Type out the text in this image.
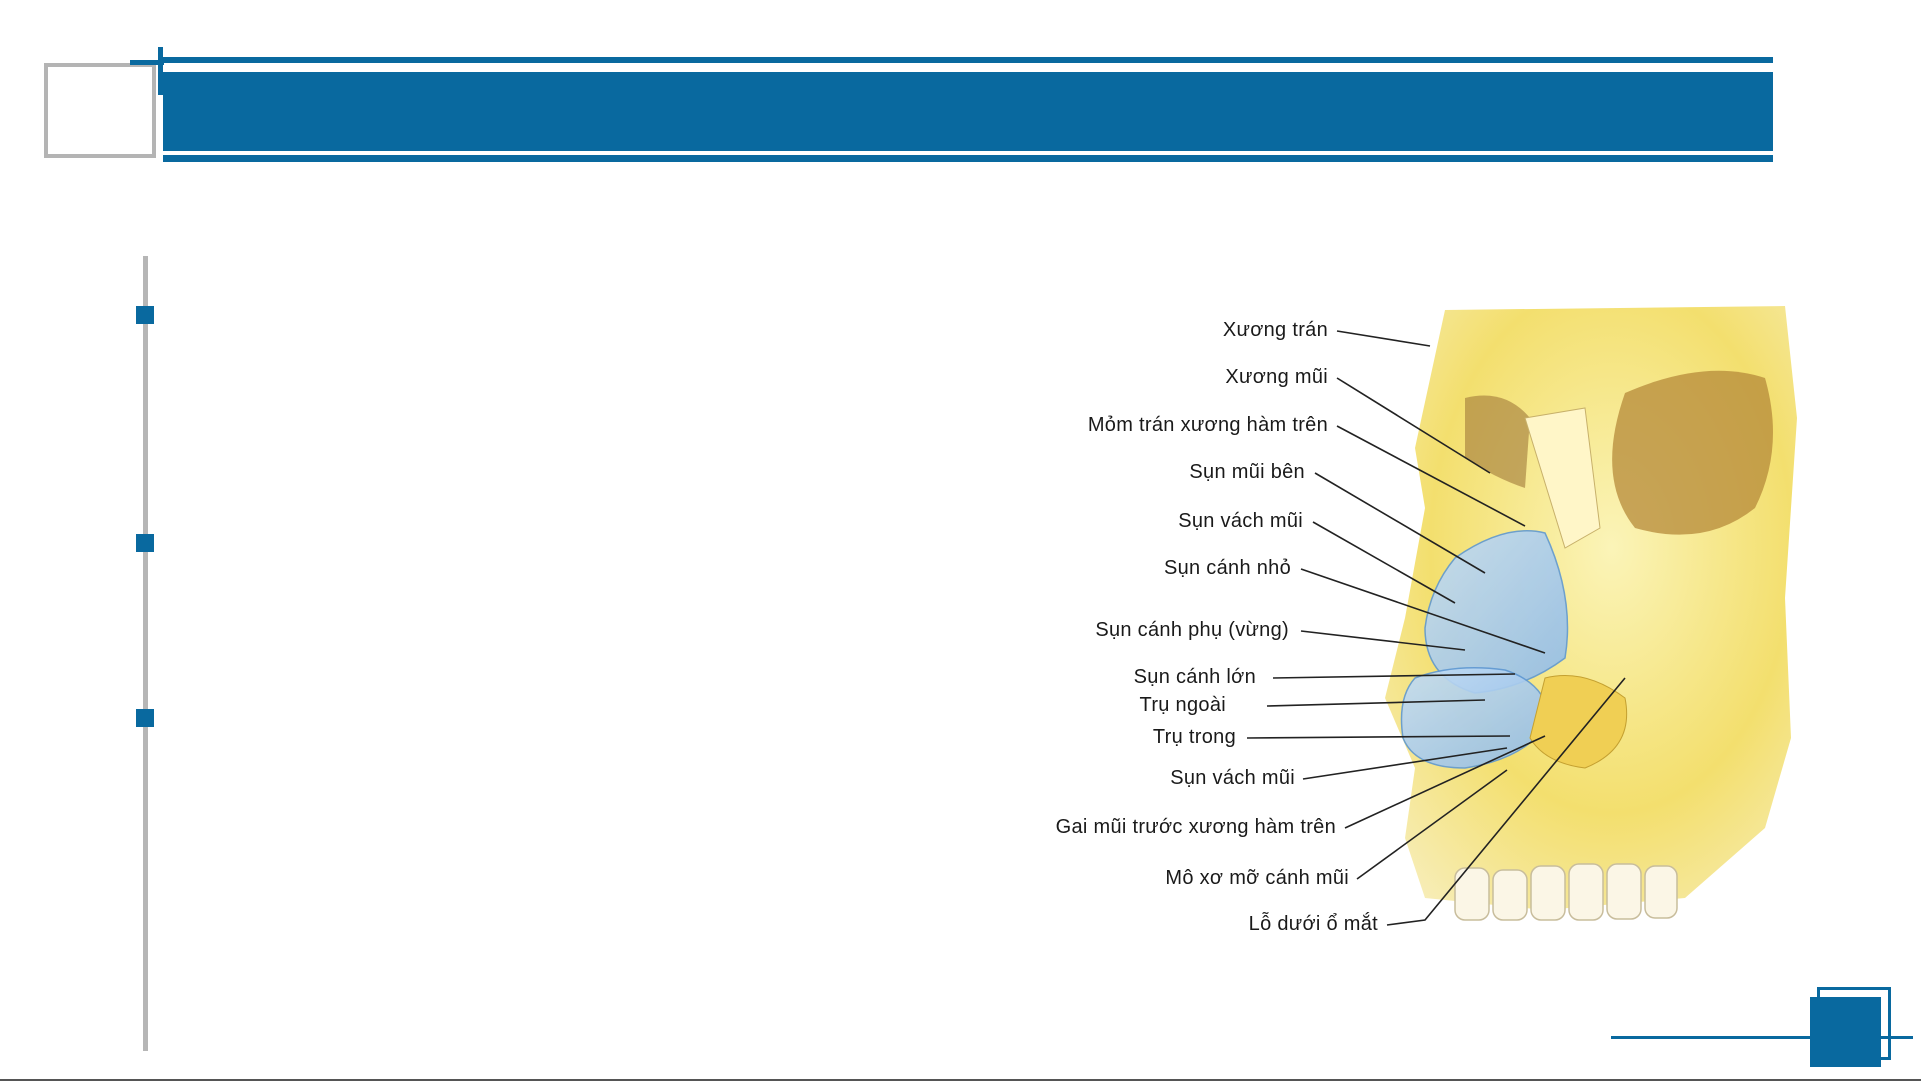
Xương trán
Xương mũi
Mỏm trán xương hàm trên
Sụn mũi bên
Sụn vách mũi
Sụn cánh nhỏ
Sụn cánh phụ (vừng)
Sụn cánh lớn
Trụ ngoài
Trụ trong
Sụn vách mũi
Gai mũi trước xương hàm trên
Mô xơ mỡ cánh mũi
Lỗ dưới ổ mắt
